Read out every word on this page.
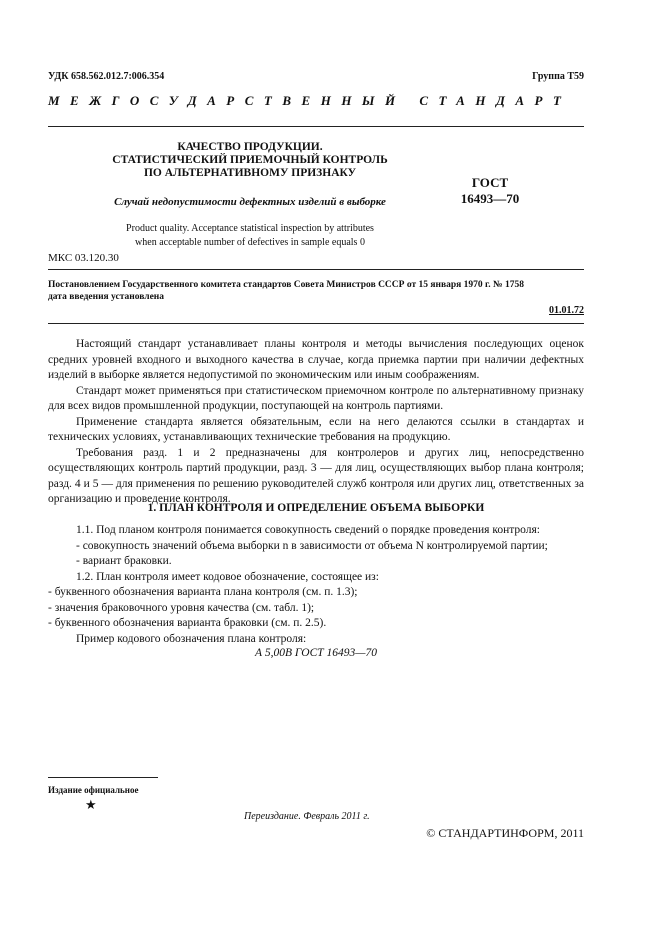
УДК 658.562.012.7:006.354	Группа Т59
МЕЖГОСУДАРСТВЕННЫЙ СТАНДАРТ
КАЧЕСТВО ПРОДУКЦИИ.
СТАТИСТИЧЕСКИЙ ПРИЕМОЧНЫЙ КОНТРОЛЬ
ПО АЛЬТЕРНАТИВНОМУ ПРИЗНАКУ
Случай недопустимости дефектных изделий в выборке
ГОСТ
16493—70
Product quality. Acceptance statistical inspection by attributes
when acceptable number of defectives in sample equals 0
МКС 03.120.30
Постановлением Государственного комитета стандартов Совета Министров СССР от 15 января 1970 г. № 1758
дата введения установлена
01.01.72

Настоящий стандарт устанавливает планы контроля и методы вычисления последующих оценок средних уровней входного и выходного качества в случае, когда приемка партии при наличии дефектных изделий в выборке является недопустимой по экономическим или иным соображениям.

Стандарт может применяться при статистическом приемочном контроле по альтернативному признаку для всех видов промышленной продукции, поступающей на контроль партиями.

Применение стандарта является обязательным, если на него делаются ссылки в стандартах и технических условиях, устанавливающих технические требования на продукцию.

Требования разд. 1 и 2 предназначены для контролеров и других лиц, непосредственно осуществляющих контроль партий продукции, разд. 3 — для лиц, осуществляющих выбор плана контроля; разд. 4 и 5 — для применения по решению руководителей служб контроля или других лиц, ответственных за организацию и проведение контроля.

1. ПЛАН КОНТРОЛЯ И ОПРЕДЕЛЕНИЕ ОБЪЕМА ВЫБОРКИ

1.1. Под планом контроля понимается совокупность сведений о порядке проведения контроля:

- совокупность значений объема выборки n в зависимости от объема N контролируемой партии;

- вариант браковки.

1.2. План контроля имеет кодовое обозначение, состоящее из:

- буквенного обозначения варианта плана контроля (см. п. 1.3);

- значения браковочного уровня качества (см. табл. 1);

- буквенного обозначения варианта браковки (см. п. 2.5).

Пример кодового обозначения плана контроля:

А 5,00В ГОСТ 16493—70
Издание официальное
★
Переиздание. Февраль 2011 г.
© СТАНДАРТИНФОРМ, 2011
